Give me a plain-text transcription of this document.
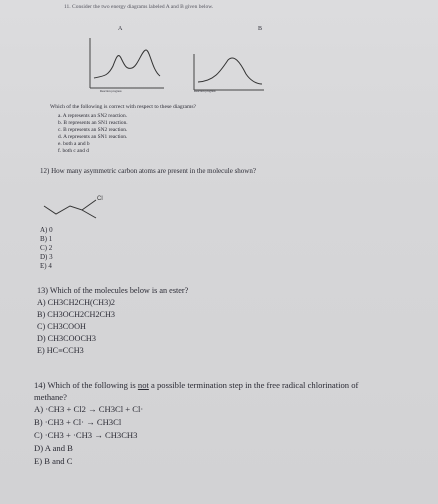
11. Consider the two energy diagrams labeled A and B given below.
A	B
Reaction progress	Reaction progress
Which of the following is correct with respect to these diagrams?
a. A represents an SN2 reaction.
b. B represents an SN1 reaction.
c. B represents an SN2 reaction.
d. A represents an SN1 reaction.
e. both a and b
f. both c and d
12) How many asymmetric carbon atoms are present in the molecule shown?
Cl
A) 0
B) 1
C) 2
D) 3
E) 4
13) Which of the molecules below is an ester?
A) CH3CH2CH(CH3)2
B) CH3OCH2CH2CH3
C) CH3COOH
D) CH3COOCH3
E) HC≡CCH3
14) Which of the following is not a possible termination step in the free radical chlorination of
methane?
A) ·CH3 + Cl2 → CH3Cl + Cl·
B) ·CH3 + Cl· → CH3Cl
C) ·CH3 + ·CH3 → CH3CH3
D) A and B
E) B and C
